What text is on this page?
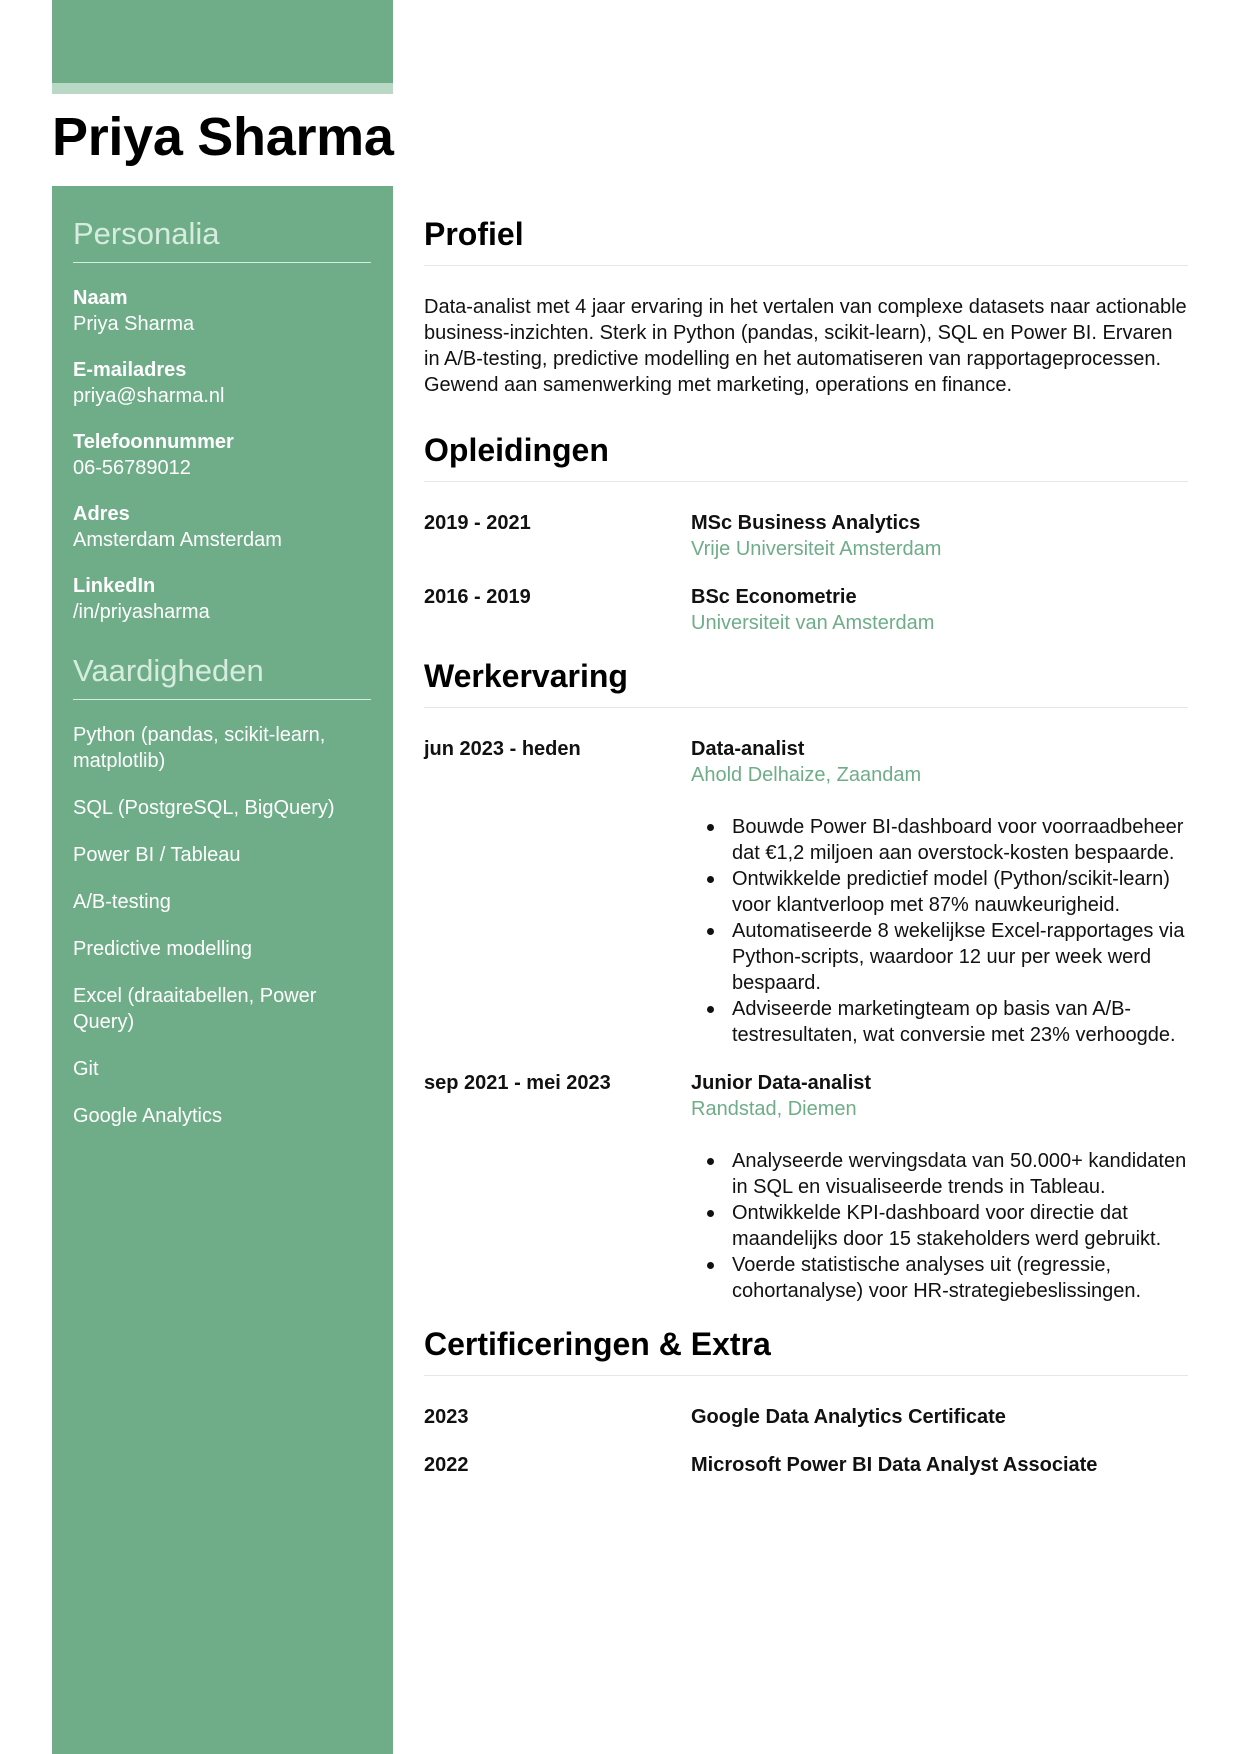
Priya Sharma
Personalia
Naam
Priya Sharma
E-mailadres
priya@sharma.nl
Telefoonnummer
06-56789012
Adres
Amsterdam Amsterdam
LinkedIn
/in/priyasharma
Vaardigheden
Python (pandas, scikit-learn, matplotlib)
SQL (PostgreSQL, BigQuery)
Power BI / Tableau
A/B-testing
Predictive modelling
Excel (draaitabellen, Power Query)
Git
Google Analytics
Profiel

Data-analist met 4 jaar ervaring in het vertalen van complexe datasets naar actionable business-inzichten. Sterk in Python (pandas, scikit-learn), SQL en Power BI. Ervaren in A/B-testing, predictive modelling en het automatiseren van rapportageprocessen. Gewend aan samenwerking met marketing, operations en finance.

Opleidingen
2019 - 2021	MSc Business Analytics
Vrije Universiteit Amsterdam
2016 - 2019	BSc Econometrie
Universiteit van Amsterdam
Werkervaring
jun 2023 - heden	Data-analist
Ahold Delhaize, Zaandam
Bouwde Power BI-dashboard voor voorraadbeheer dat €1,2 miljoen aan overstock-kosten bespaarde.
Ontwikkelde predictief model (Python/scikit-learn) voor klantverloop met 87% nauwkeurigheid.
Automatiseerde 8 wekelijkse Excel-rapportages via Python-scripts, waardoor 12 uur per week werd bespaard.
Adviseerde marketingteam op basis van A/B-testresultaten, wat conversie met 23% verhoogde.
sep 2021 - mei 2023	Junior Data-analist
Randstad, Diemen
Analyseerde wervingsdata van 50.000+ kandidaten in SQL en visualiseerde trends in Tableau.
Ontwikkelde KPI-dashboard voor directie dat maandelijks door 15 stakeholders werd gebruikt.
Voerde statistische analyses uit (regressie, cohortanalyse) voor HR-strategiebeslissingen.
Certificeringen & Extra
2023	Google Data Analytics Certificate
2022	Microsoft Power BI Data Analyst Associate
